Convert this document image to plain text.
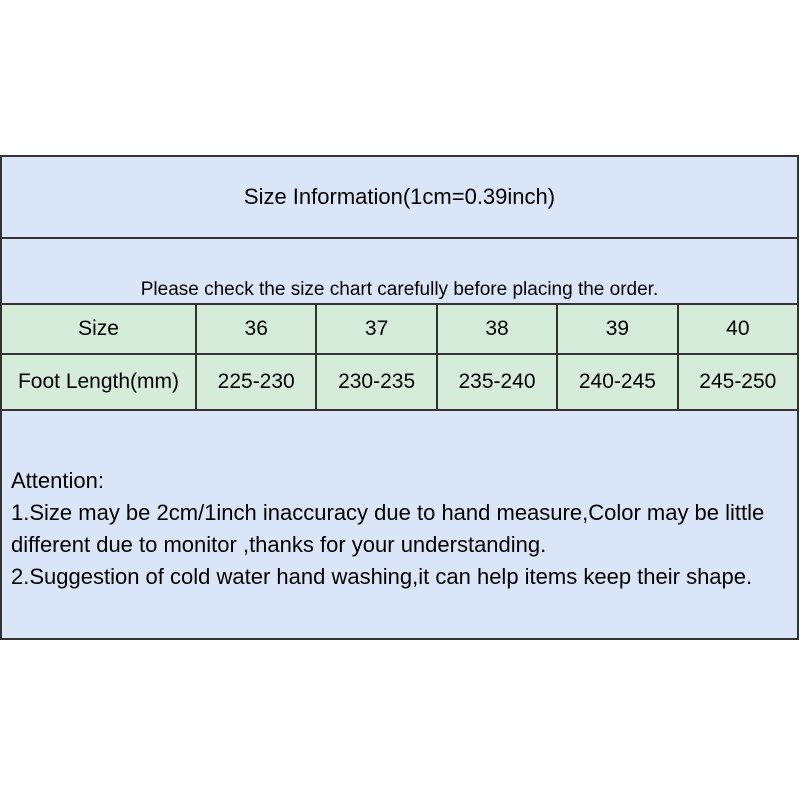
Size Information(1cm=0.39inch)
Please check the size chart carefully before placing the order.
Size	36	37	38	39	40
Foot Length(mm)	225-230	230-235	235-240	240-245	245-250
Attention:
1.Size may be 2cm/1inch inaccuracy due to hand measure,Color may be little different due to monitor ,thanks for your understanding.
2.Suggestion of cold water hand washing,it can help items keep their shape.
